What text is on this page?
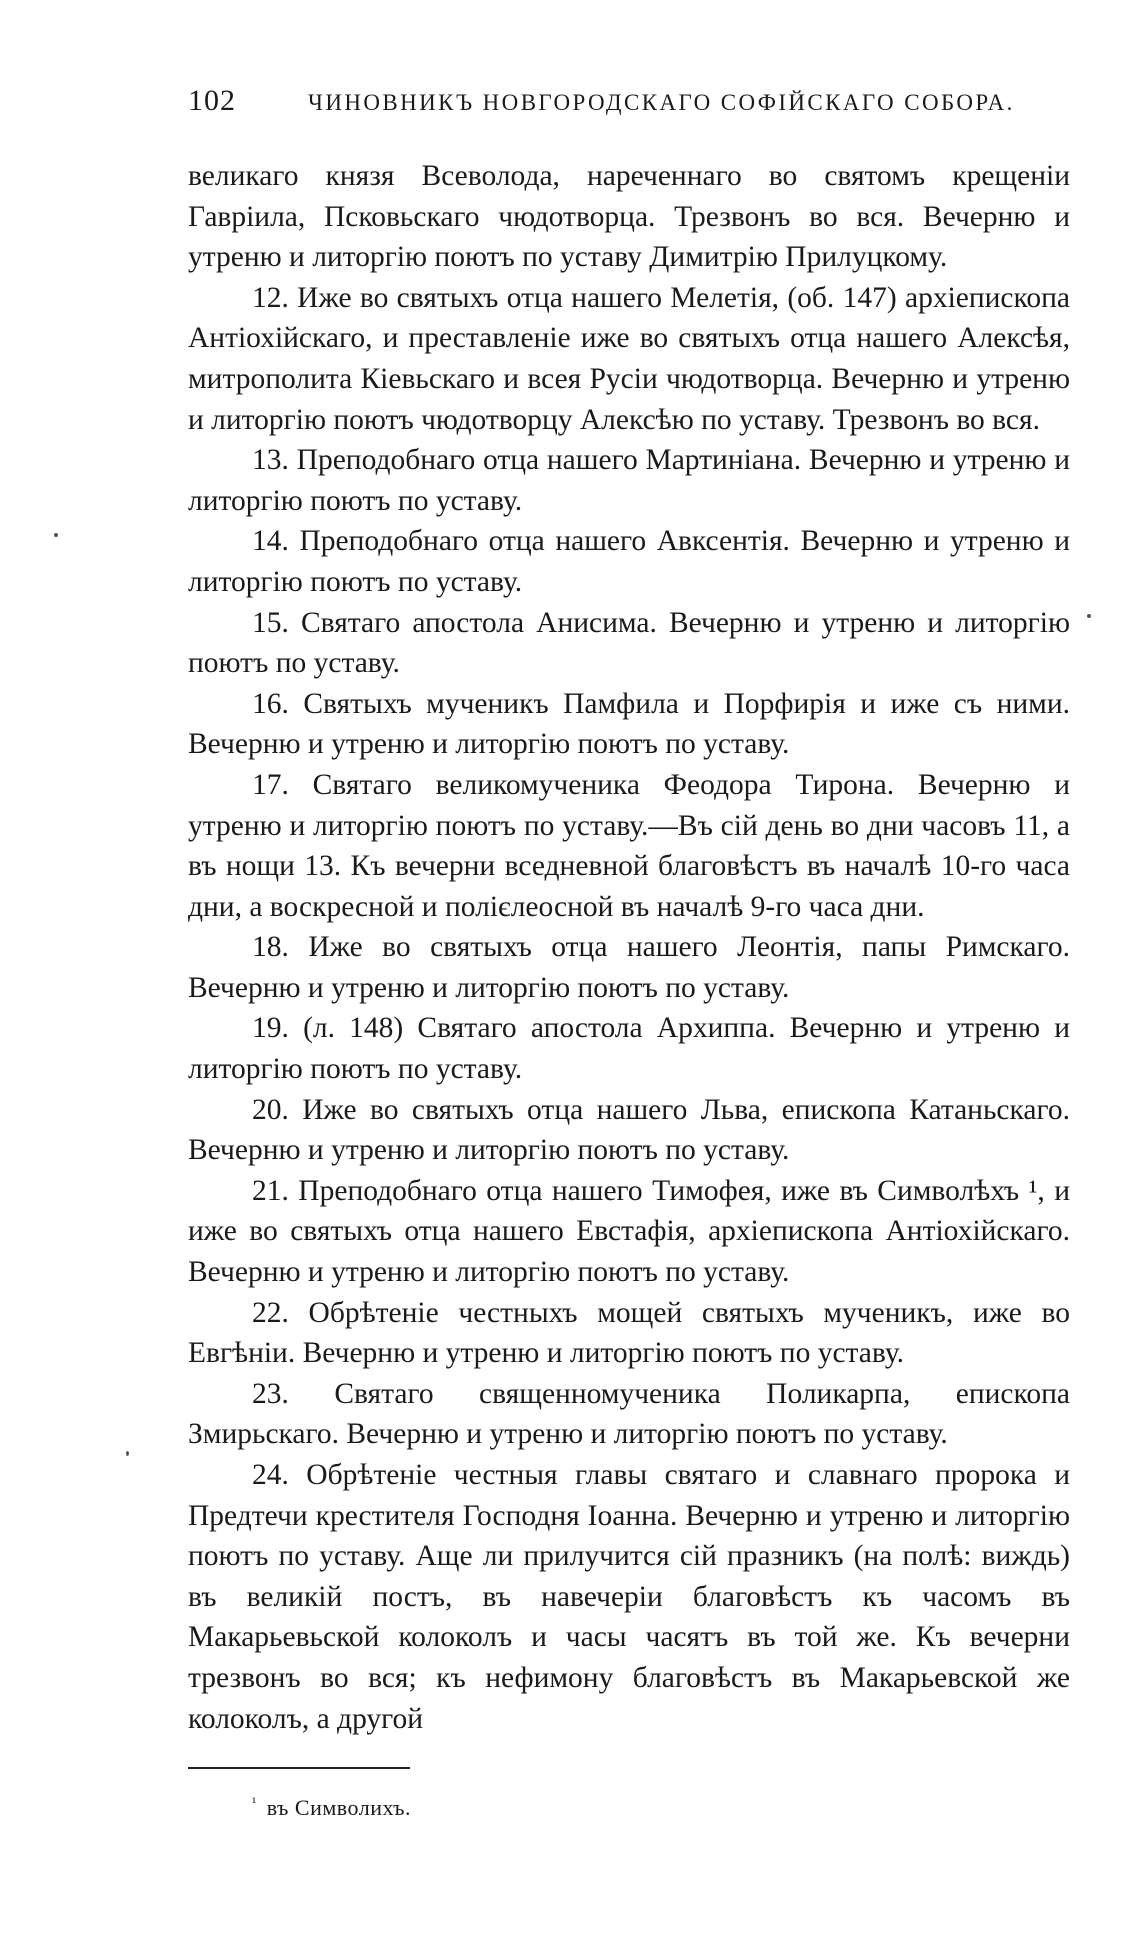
102	ЧИНОВНИКЪ НОВГОРОДСКАГО СОФІЙСКАГО СОБОРА.

великаго князя Всеволода, нареченнаго во святомъ крещеніи Гавріила, Псковьскаго чюдотворца. Трезвонъ во вся. Вечерню и утреню и литоргію поютъ по уставу Димитрію Прилуцкому.

12. Иже во святыхъ отца нашего Мелетія, (об. 147) архіепископа Антіохійскаго, и преставленіе иже во святыхъ отца нашего Алексѣя, митрополита Кіевьскаго и всея Русіи чюдотворца. Вечерню и утреню и литоргію поютъ чюдотворцу Алексѣю по уставу. Трезвонъ во вся.

13. Преподобнаго отца нашего Мартиніана. Вечерню и утреню и литоргію поютъ по уставу.

14. Преподобнаго отца нашего Авксентія. Вечерню и утреню и литоргію поютъ по уставу.

15. Святаго апостола Анисима. Вечерню и утреню и литоргію поютъ по уставу.

16. Святыхъ мученикъ Памфила и Порфирія и иже съ ними. Вечерню и утреню и литоргію поютъ по уставу.

17. Святаго великомученика Феодора Тирона. Вечерню и утреню и литоргію поютъ по уставу.—Въ сій день во дни часовъ 11, а въ нощи 13. Къ вечерни вседневной благовѣстъ въ началѣ 10-го часа дни, а воскресной и полієлеосной въ началѣ 9-го часа дни.

18. Иже во святыхъ отца нашего Леонтія, папы Римскаго. Вечерню и утреню и литоргію поютъ по уставу.

19. (л. 148) Святаго апостола Архиппа. Вечерню и утреню и литоргію поютъ по уставу.

20. Иже во святыхъ отца нашего Льва, епископа Катаньскаго. Вечерню и утреню и литоргію поютъ по уставу.

21. Преподобнаго отца нашего Тимофея, иже въ Символѣхъ ¹, и иже во святыхъ отца нашего Евстафія, архіепископа Антіохійскаго. Вечерню и утреню и литоргію поютъ по уставу.

22. Обрѣтеніе честныхъ мощей святыхъ мученикъ, иже во Евгѣніи. Вечерню и утреню и литоргію поютъ по уставу.

23. Святаго священномученика Поликарпа, епископа Змирьскаго. Вечерню и утреню и литоргію поютъ по уставу.

24. Обрѣтеніе честныя главы святаго и славнаго пророка и Предтечи крестителя Господня Іоанна. Вечерню и утреню и литоргію поютъ по уставу. Аще ли прилучится сій празникъ (на полѣ: виждь) въ великій постъ, въ навечеріи благовѣстъ къ часомъ въ Макарьевьской колоколъ и часы часятъ въ той же. Къ вечерни трезвонъ во вся; къ нефимону благовѣстъ въ Макарьевской же колоколъ, а другой

$^{^1}$ въ Символихъ.
